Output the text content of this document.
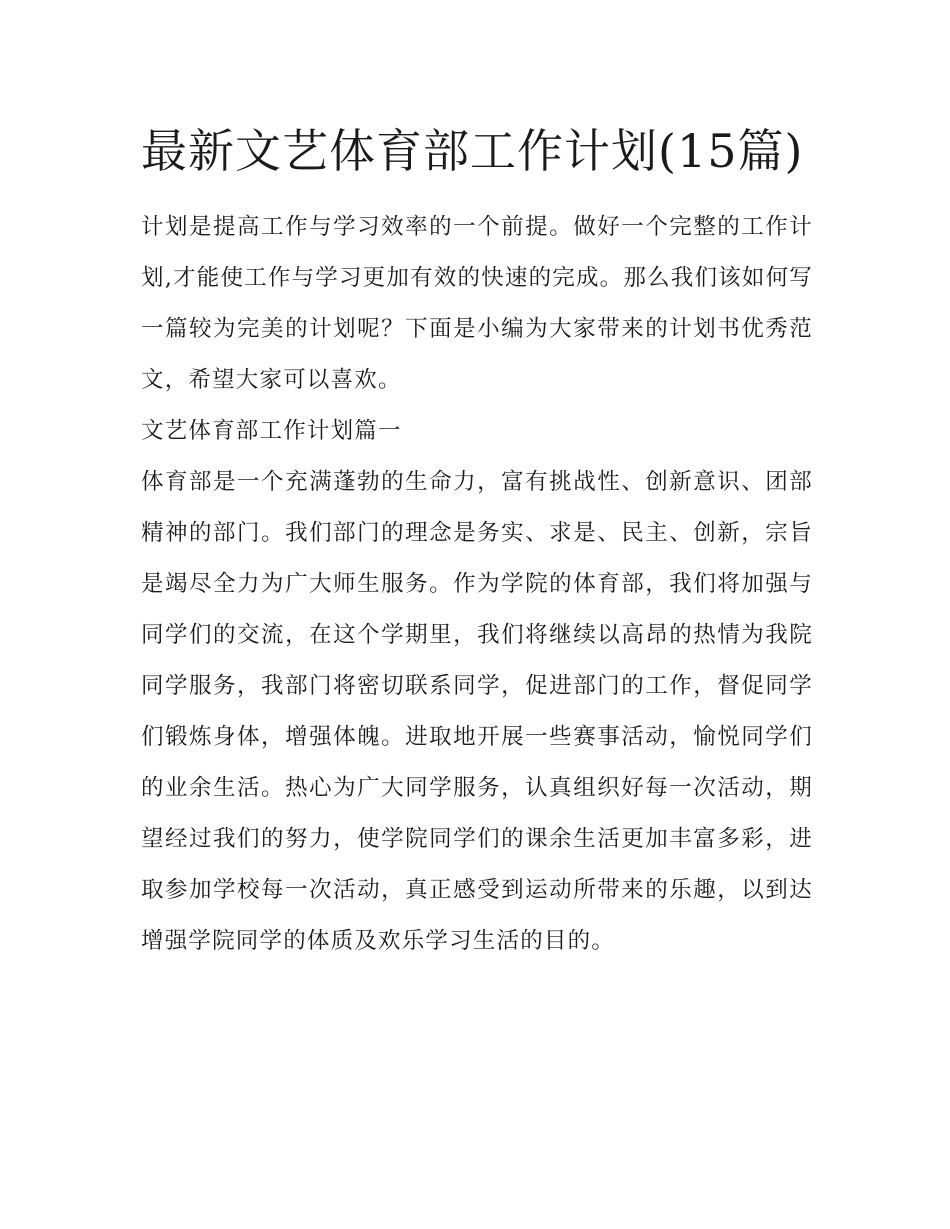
最新文艺体育部工作计划(15篇)

计划是提高工作与学习效率的一个前提。做好一个完整的工作计划,才能使工作与学习更加有效的快速的完成。那么我们该如何写一篇较为完美的计划呢？下面是小编为大家带来的计划书优秀范文，希望大家可以喜欢。

文艺体育部工作计划篇一

体育部是一个充满蓬勃的生命力，富有挑战性、创新意识、团部精神的部门。我们部门的理念是务实、求是、民主、创新，宗旨是竭尽全力为广大师生服务。作为学院的体育部，我们将加强与同学们的交流，在这个学期里，我们将继续以高昂的热情为我院同学服务，我部门将密切联系同学，促进部门的工作，督促同学们锻炼身体，增强体魄。进取地开展一些赛事活动，愉悦同学们的业余生活。热心为广大同学服务，认真组织好每一次活动，期望经过我们的努力，使学院同学们的课余生活更加丰富多彩，进取参加学校每一次活动，真正感受到运动所带来的乐趣，以到达增强学院同学的体质及欢乐学习生活的目的。
